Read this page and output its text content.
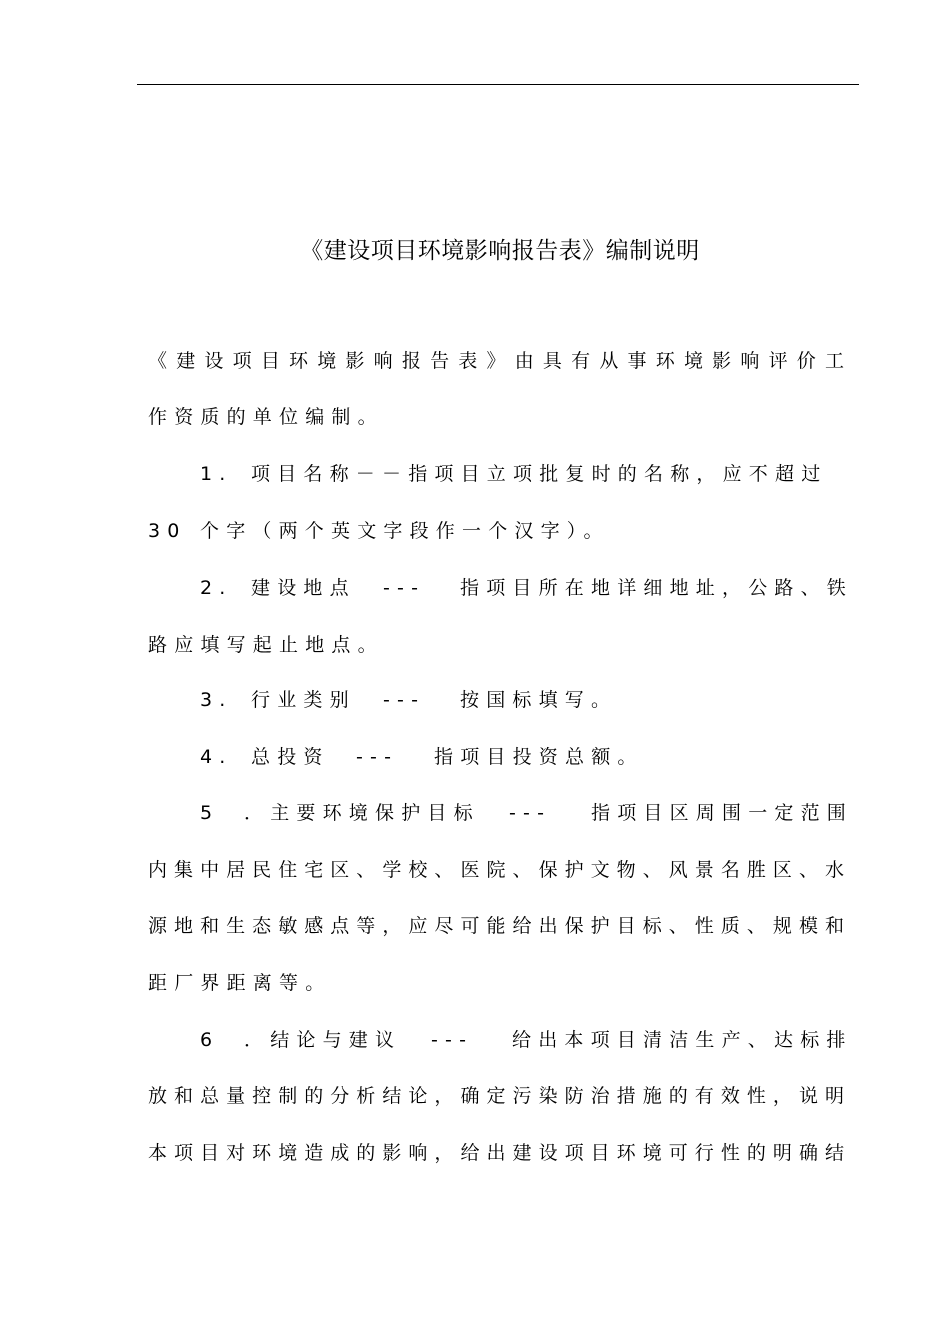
《建设项目环境影响报告表》编制说明
《建设项目环境影响报告表》由具有从事环境影响评价工
作资质的单位编制。
1. 项目名称－－指项目立项批复时的名称，应不超过
30 个字（两个英文字段作一个汉字）。
2. 建设地点 --- 指项目所在地详细地址，公路、铁
路应填写起止地点。
3. 行业类别 --- 按国标填写。
4. 总投资 --- 指项目投资总额。
5 ．主要环境保护目标 --- 指项目区周围一定范围
内集中居民住宅区、学校、医院、保护文物、风景名胜区、水
源地和生态敏感点等，应尽可能给出保护目标、性质、规模和
距厂界距离等。
6 ．结论与建议 --- 给出本项目清洁生产、达标排
放和总量控制的分析结论，确定污染防治措施的有效性，说明
本项目对环境造成的影响，给出建设项目环境可行性的明确结
